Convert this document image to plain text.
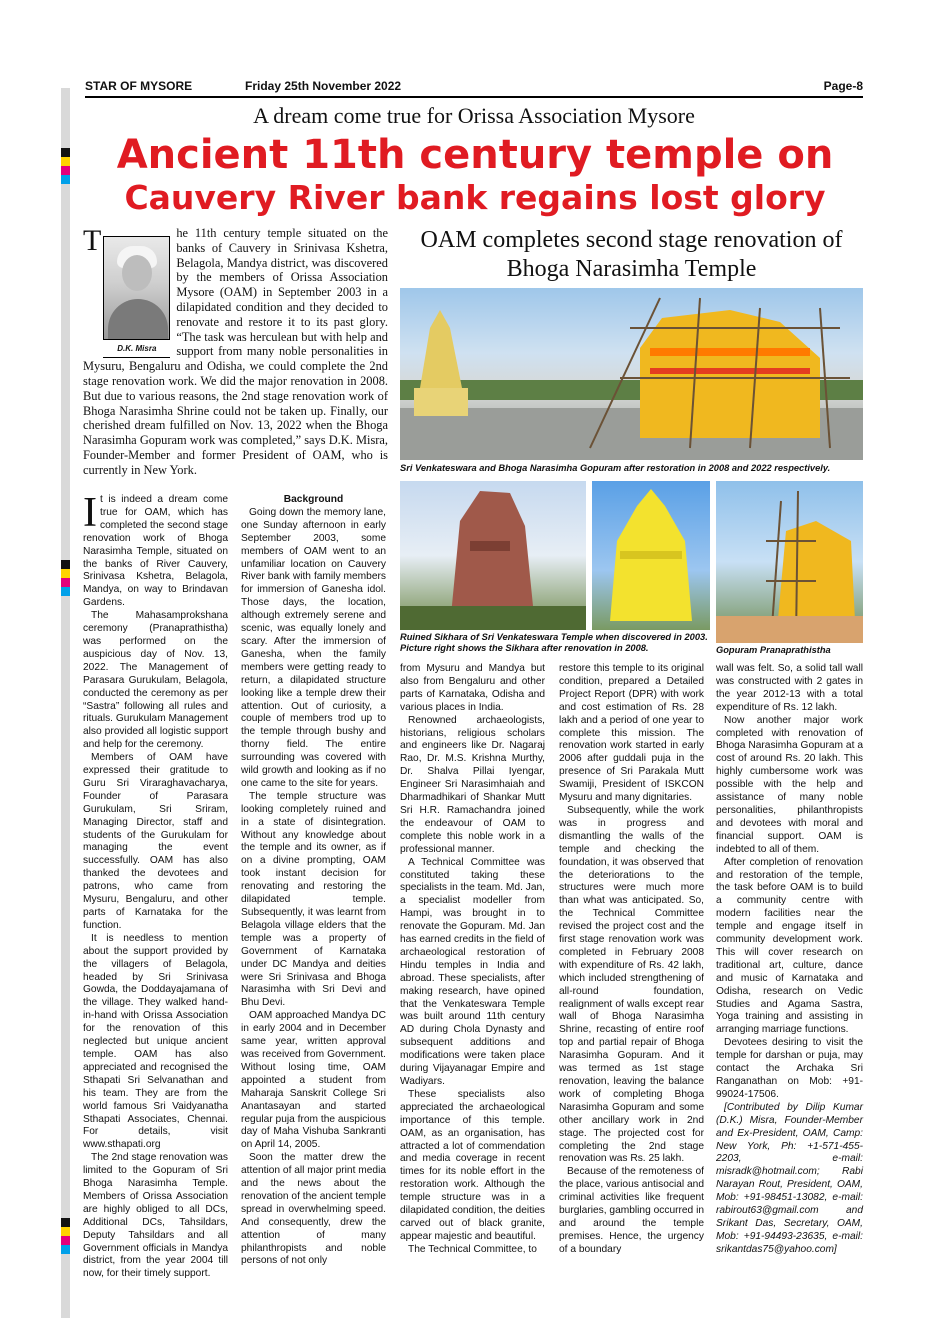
STAR OF MYSORE	Friday 25th November 2022	Page-8
A dream come true for Orissa Association Mysore
Ancient 11th century temple on
Cauvery River bank regains lost glory
T
D.K. Misra
he 11th century temple situated on the banks of Cauvery in Srinivasa Kshetra, Belagola, Mandya district, was discovered by the members of Orissa Association Mysore (OAM) in September 2003 in a dilapidated condition and they decided to renovate and restore it to its past glory. “The task was herculean but with help and support from many noble personalities in Mysuru, Bengaluru and Odisha, we could complete the 2nd stage renovation work. We did the major renovation in 2008. But due to various reasons, the 2nd stage renovation work of Bhoga Narasimha Shrine could not be taken up. Finally, our cherished dream fulfilled on Nov. 13, 2022 when the Bhoga Narasimha Gopuram work was completed,” says D.K. Misra, Founder-Member and former President of OAM, who is currently in New York.
OAM completes second stage renovation of Bhoga Narasimha Temple
Sri Venkateswara and Bhoga Narasimha Gopuram after restoration in 2008 and 2022 respectively.
Ruined Sikhara of Sri Venkateswara Temple when discovered in 2003. Picture right shows the Sikhara after renovation in 2008.	Gopuram Pranaprathistha

It is indeed a dream come true for OAM, which has completed the second stage renovation work of Bhoga Narasimha Temple, situated on the banks of River Cauvery, Srinivasa Kshetra, Belagola, Mandya, on way to Brindavan Gardens.

The Mahasamprokshana ceremony (Pranaprathistha) was performed on the auspicious day of Nov. 13, 2022. The Management of Parasara Gurukulam, Belagola, conducted the ceremony as per “Sastra” following all rules and rituals. Gurukulam Management also provided all logistic support and help for the ceremony.

Members of OAM have expressed their gratitude to Guru Sri Viraraghavacharya, Founder of Parasara Gurukulam, Sri Sriram, Managing Director, staff and students of the Gurukulam for managing the event successfully. OAM has also thanked the devotees and patrons, who came from Mysuru, Bengaluru, and other parts of Karnataka for the function.

It is needless to mention about the support provided by the villagers of Belagola, headed by Sri Srinivasa Gowda, the Doddayajamana of the village. They walked hand-in-hand with Orissa Association for the renovation of this neglected but unique ancient temple. OAM has also appreciated and recognised the Sthapati Sri Selvanathan and his team. They are from the world famous Sri Vaidyanatha Sthapati Associates, Chennai. For details, visit www.sthapati.org

The 2nd stage renovation was limited to the Gopuram of Sri Bhoga Narasimha Temple. Members of Orissa Association are highly obliged to all DCs, Additional DCs, Tahsildars, Deputy Tahsildars and all Government officials in Mandya district, from the year 2004 till now, for their timely support.

Background

Going down the memory lane, one Sunday afternoon in early September 2003, some members of OAM went to an unfamiliar location on Cauvery River bank with family members for immersion of Ganesha idol. Those days, the location, although extremely serene and scenic, was equally lonely and scary. After the immersion of Ganesha, when the family members were getting ready to return, a dilapidated structure looking like a temple drew their attention. Out of curiosity, a couple of members trod up to the temple through bushy and thorny field. The entire surrounding was covered with wild growth and looking as if no one came to the site for years.

The temple structure was looking completely ruined and in a state of disintegration. Without any knowledge about the temple and its owner, as if on a divine prompting, OAM took instant decision for renovating and restoring the dilapidated temple. Subsequently, it was learnt from Belagola village elders that the temple was a property of Government of Karnataka under DC Mandya and deities were Sri Srinivasa and Bhoga Narasimha with Sri Devi and Bhu Devi.

OAM approached Mandya DC in early 2004 and in December same year, written approval was received from Government. Without losing time, OAM appointed a student from Maharaja Sanskrit College Sri Anantasayan and started regular puja from the auspicious day of Maha Vishuba Sankranti on April 14, 2005.

Soon the matter drew the attention of all major print media and the news about the renovation of the ancient temple spread in overwhelming speed. And consequently, drew the attention of many philanthropists and noble persons of not only

from Mysuru and Mandya but also from Bengaluru and other parts of Karnataka, Odisha and various places in India.

Renowned archaeologists, historians, religious scholars and engineers like Dr. Nagaraj Rao, Dr. M.S. Krishna Murthy, Dr. Shalva Pillai Iyengar, Engineer Sri Narasimhaiah and Dharmadhikari of Shankar Mutt Sri H.R. Ramachandra joined the endeavour of OAM to complete this noble work in a professional manner.

A Technical Committee was constituted taking these specialists in the team. Md. Jan, a specialist modeller from Hampi, was brought in to renovate the Gopuram. Md. Jan has earned credits in the field of archaeological restoration of Hindu temples in India and abroad. These specialists, after making research, have opined that the Venkateswara Temple was built around 11th century AD during Chola Dynasty and subsequent additions and modifications were taken place during Vijayanagar Empire and Wadiyars.

These specialists also appreciated the archaeological importance of this temple. OAM, as an organisation, has attracted a lot of commendation and media coverage in recent times for its noble effort in the restoration work. Although the temple structure was in a dilapidated condition, the deities carved out of black granite, appear majestic and beautiful.

The Technical Committee, to

restore this temple to its original condition, prepared a Detailed Project Report (DPR) with work and cost estimation of Rs. 28 lakh and a period of one year to complete this mission. The renovation work started in early 2006 after guddali puja in the presence of Sri Parakala Mutt Swamiji, President of ISKCON Mysuru and many dignitaries.

Subsequently, while the work was in progress and dismantling the walls of the temple and checking the foundation, it was observed that the deteriorations to the structures were much more than what was anticipated. So, the Technical Committee revised the project cost and the first stage renovation work was completed in February 2008 with expenditure of Rs. 42 lakh, which included strengthening of all-round foundation, realignment of walls except rear wall of Bhoga Narasimha Shrine, recasting of entire roof top and partial repair of Bhoga Narasimha Gopuram. And it was termed as 1st stage renovation, leaving the balance work of completing Bhoga Narasimha Gopuram and some other ancillary work in 2nd stage. The projected cost for completing the 2nd stage renovation was Rs. 25 lakh.

Because of the remoteness of the place, various antisocial and criminal activities like frequent burglaries, gambling occurred in and around the temple premises. Hence, the urgency of a boundary

wall was felt. So, a solid tall wall was constructed with 2 gates in the year 2012-13 with a total expenditure of Rs. 12 lakh.

Now another major work completed with renovation of Bhoga Narasimha Gopuram at a cost of around Rs. 20 lakh. This highly cumbersome work was possible with the help and assistance of many noble personalities, philanthropists and devotees with moral and financial support. OAM is indebted to all of them.

After completion of renovation and restoration of the temple, the task before OAM is to build a community centre with modern facilities near the temple and engage itself in community development work. This will cover research on traditional art, culture, dance and music of Karnataka and Odisha, research on Vedic Studies and Agama Sastra, Yoga training and assisting in arranging marriage functions.

Devotees desiring to visit the temple for darshan or puja, may contact the Archaka Sri Ranganathan on Mob: +91-99024-17506.

[Contributed by Dilip Kumar (D.K.) Misra, Founder-Member and Ex-President, OAM, Camp: New York, Ph: +1-571-455-2203, e-mail: misradk@hotmail.com; Rabi Narayan Rout, President, OAM, Mob: +91-98451-13082, e-mail: rabirout63@gmail.com and Srikant Das, Secretary, OAM, Mob: +91-94493-23635, e-mail: srikantdas75@yahoo.com]
